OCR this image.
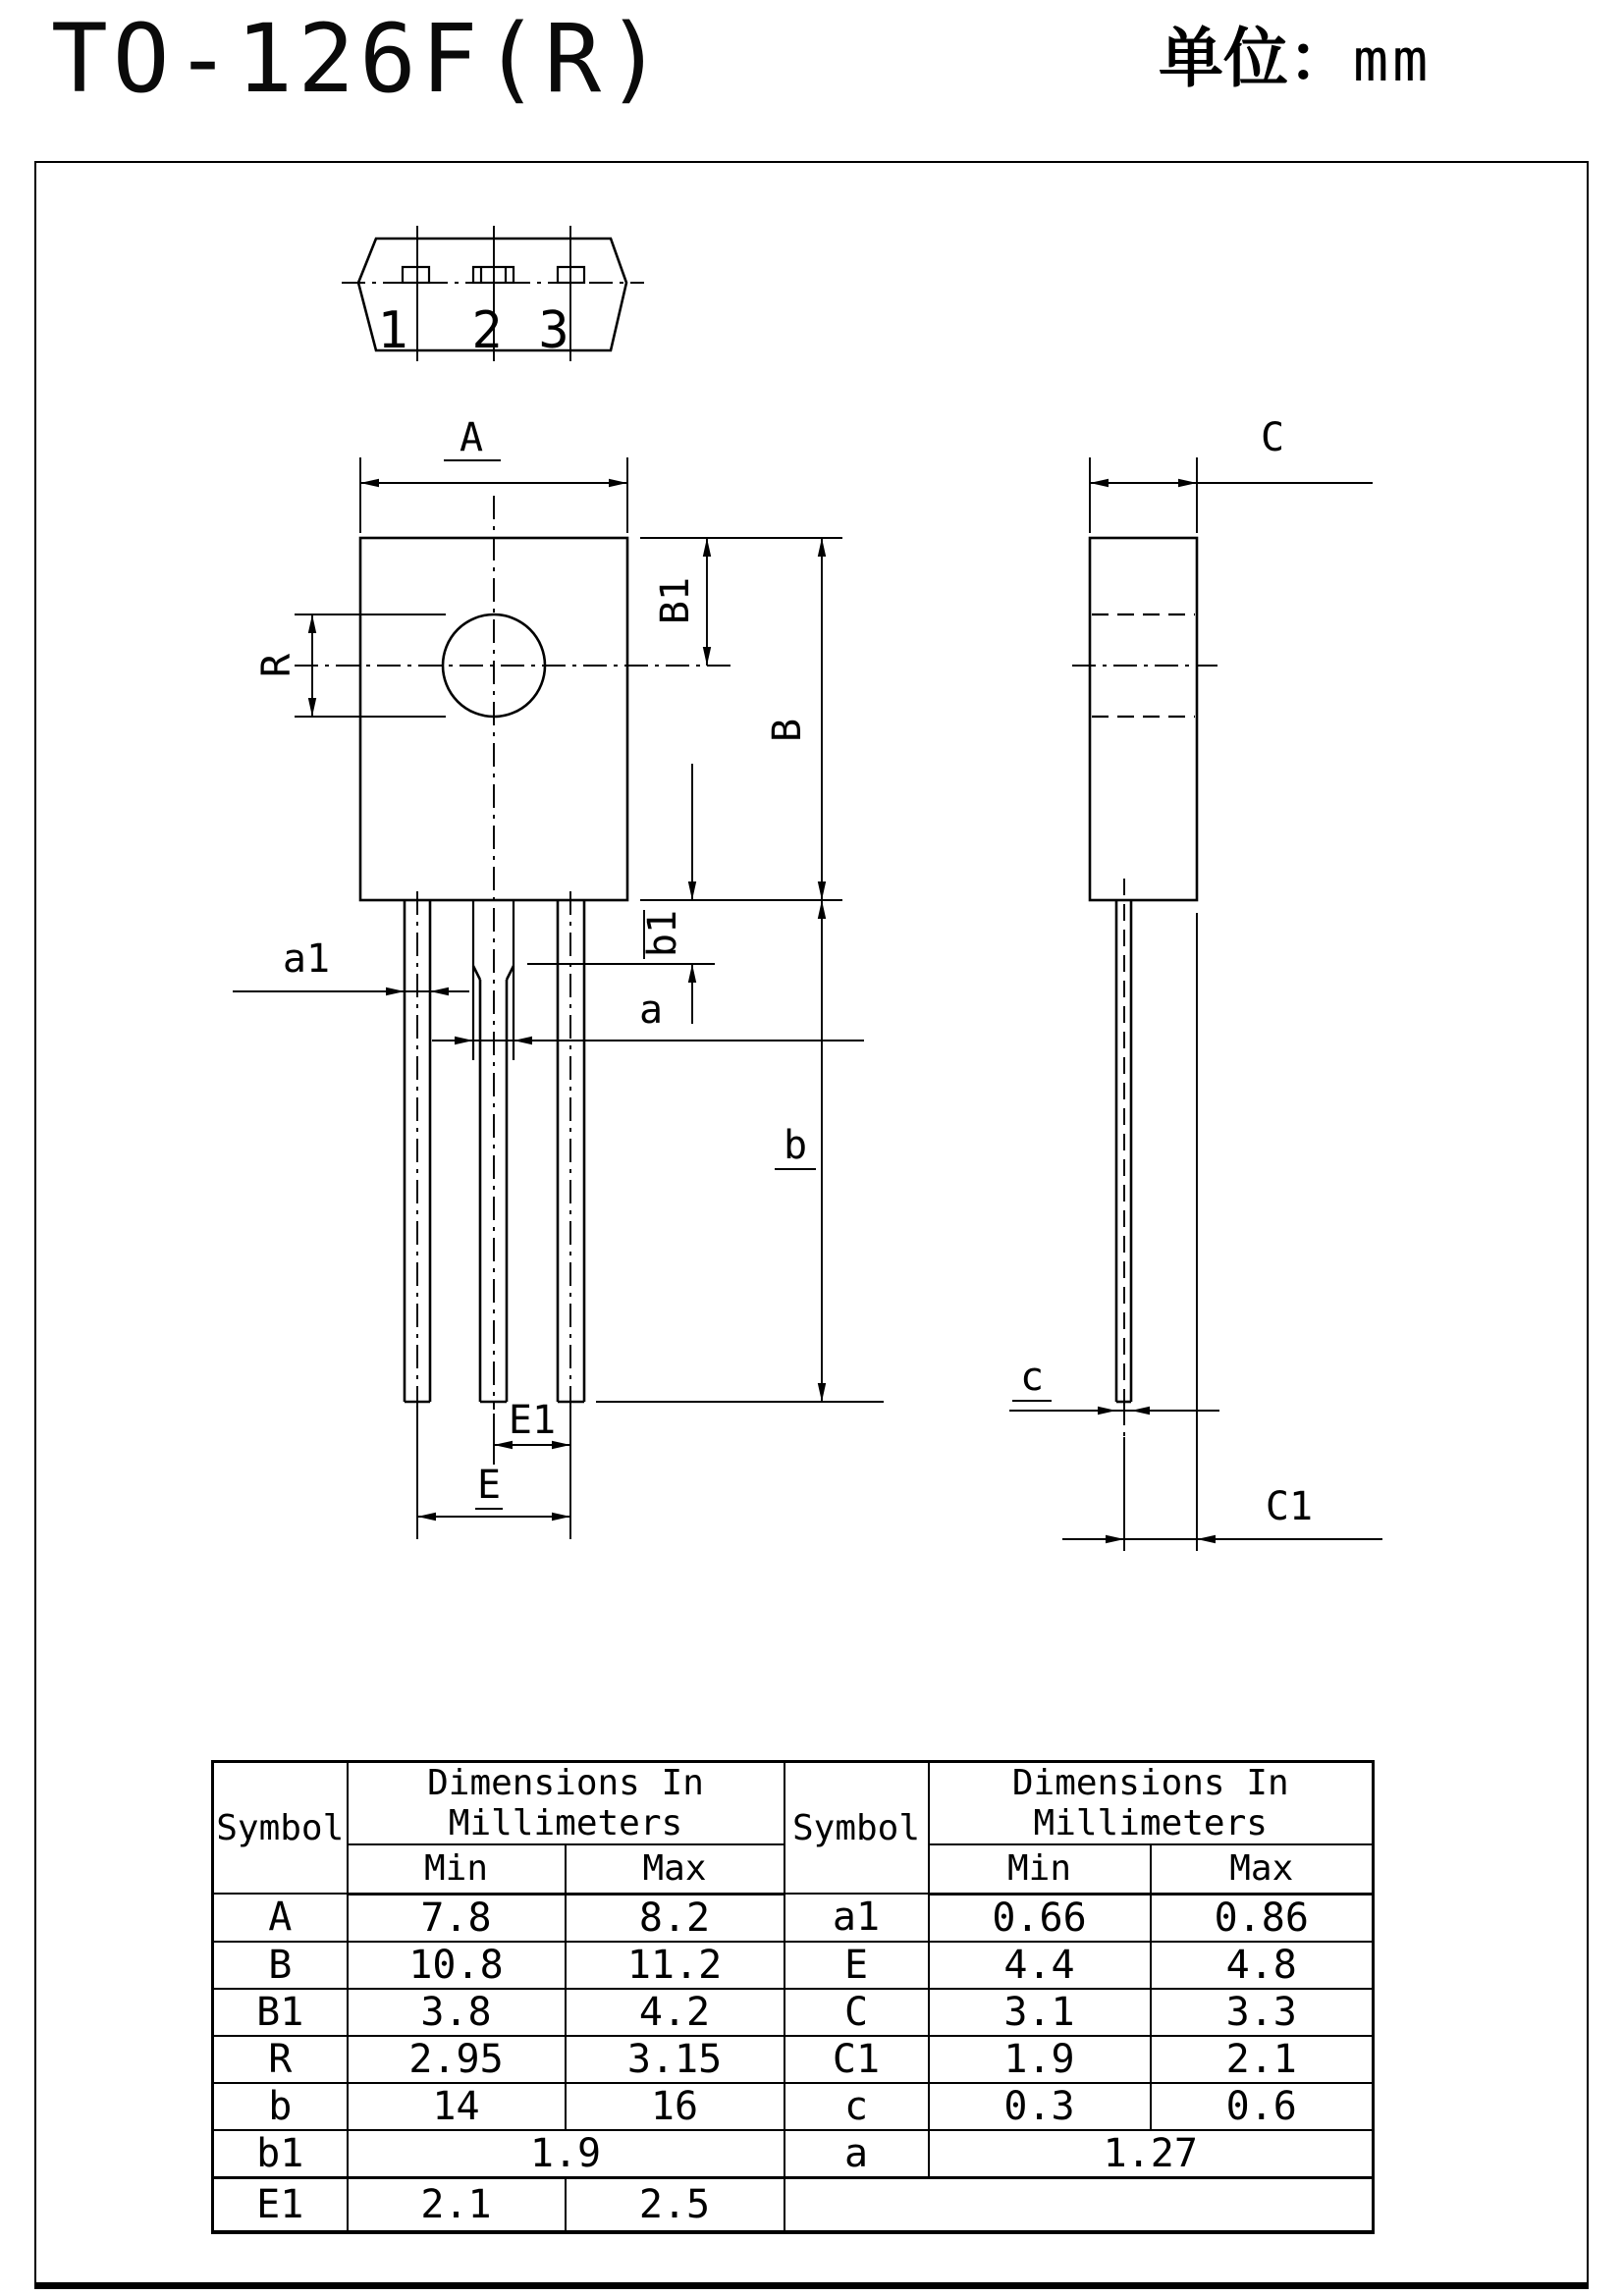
TO-126F(R)	单位：mm
1 2 3
A
R
B1
B
b
b1
a1
a
E1
E
C
c
C1
Symbol	Dimensions In Millimeters		Symbol	Dimensions In Millimeters	
	Min	Max		Min	Max
A	7.8	8.2	a1	0.66	0.86
B	10.8	11.2	E	4.4	4.8
B1	3.8	4.2	C	3.1	3.3
R	2.95	3.15	C1	1.9	2.1
b	14	16	c	0.3	0.6
b1	1.9		a	1.27	
E1	2.1	2.5			
